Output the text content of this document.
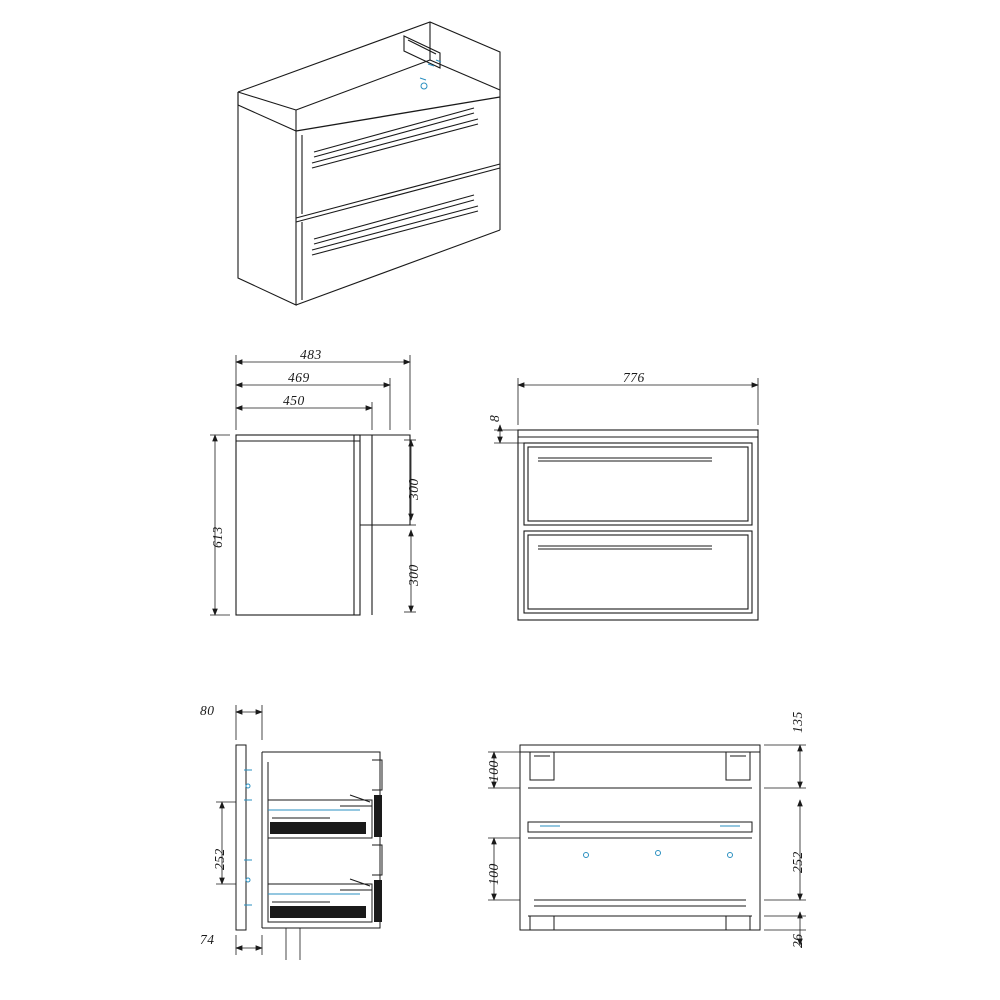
483
469
450
613
300
300
776
8
80
252
74
135
100
100
252
26
